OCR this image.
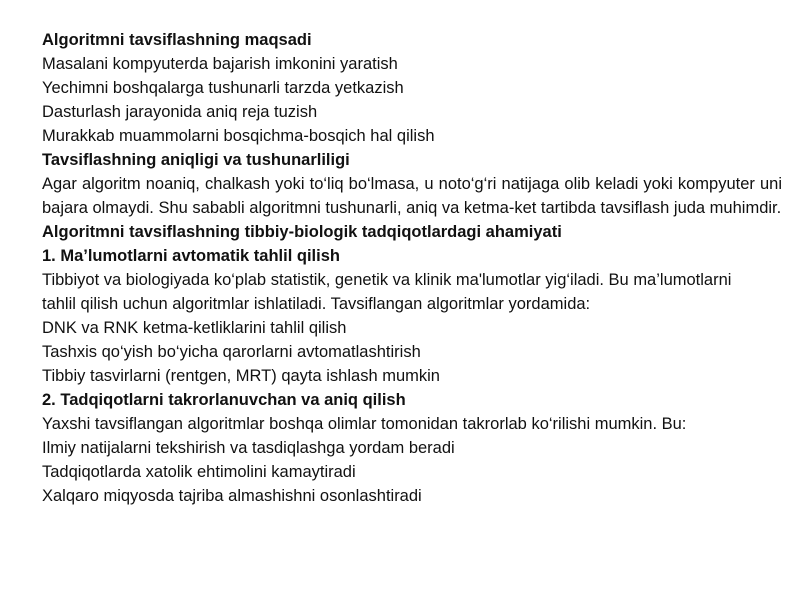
Algoritmni tavsiflashning maqsadi
Masalani kompyuterda bajarish imkonini yaratish
Yechimni boshqalarga tushunarli tarzda yetkazish
Dasturlash jarayonida aniq reja tuzish
Murakkab muammolarni bosqichma-bosqich hal qilish
Tavsiflashning aniqligi va tushunarliligi
Agar algoritm noaniq, chalkash yoki to‘liq bo‘lmasa, u noto‘g‘ri natijaga olib keladi yoki kompyuter uni bajara olmaydi. Shu sababli algoritmni tushunarli, aniq va ketma-ket tartibda tavsiflash juda muhimdir.
Algoritmni tavsiflashning tibbiy-biologik tadqiqotlardagi ahamiyati
1. Ma’lumotlarni avtomatik tahlil qilish
Tibbiyot va biologiyada ko‘plab statistik, genetik va klinik ma'lumotlar yig‘iladi. Bu ma’lumotlarni tahlil qilish uchun algoritmlar ishlatiladi. Tavsiflangan algoritmlar yordamida:
DNK va RNK ketma-ketliklarini tahlil qilish
Tashxis qo‘yish bo‘yicha qarorlarni avtomatlashtirish
Tibbiy tasvirlarni (rentgen, MRT) qayta ishlash mumkin
2. Tadqiqotlarni takrorlanuvchan va aniq qilish
Yaxshi tavsiflangan algoritmlar boshqa olimlar tomonidan takrorlab ko‘rilishi mumkin. Bu:
Ilmiy natijalarni tekshirish va tasdiqlashga yordam beradi
Tadqiqotlarda xatolik ehtimolini kamaytiradi
Xalqaro miqyosda tajriba almashishni osonlashtiradi
